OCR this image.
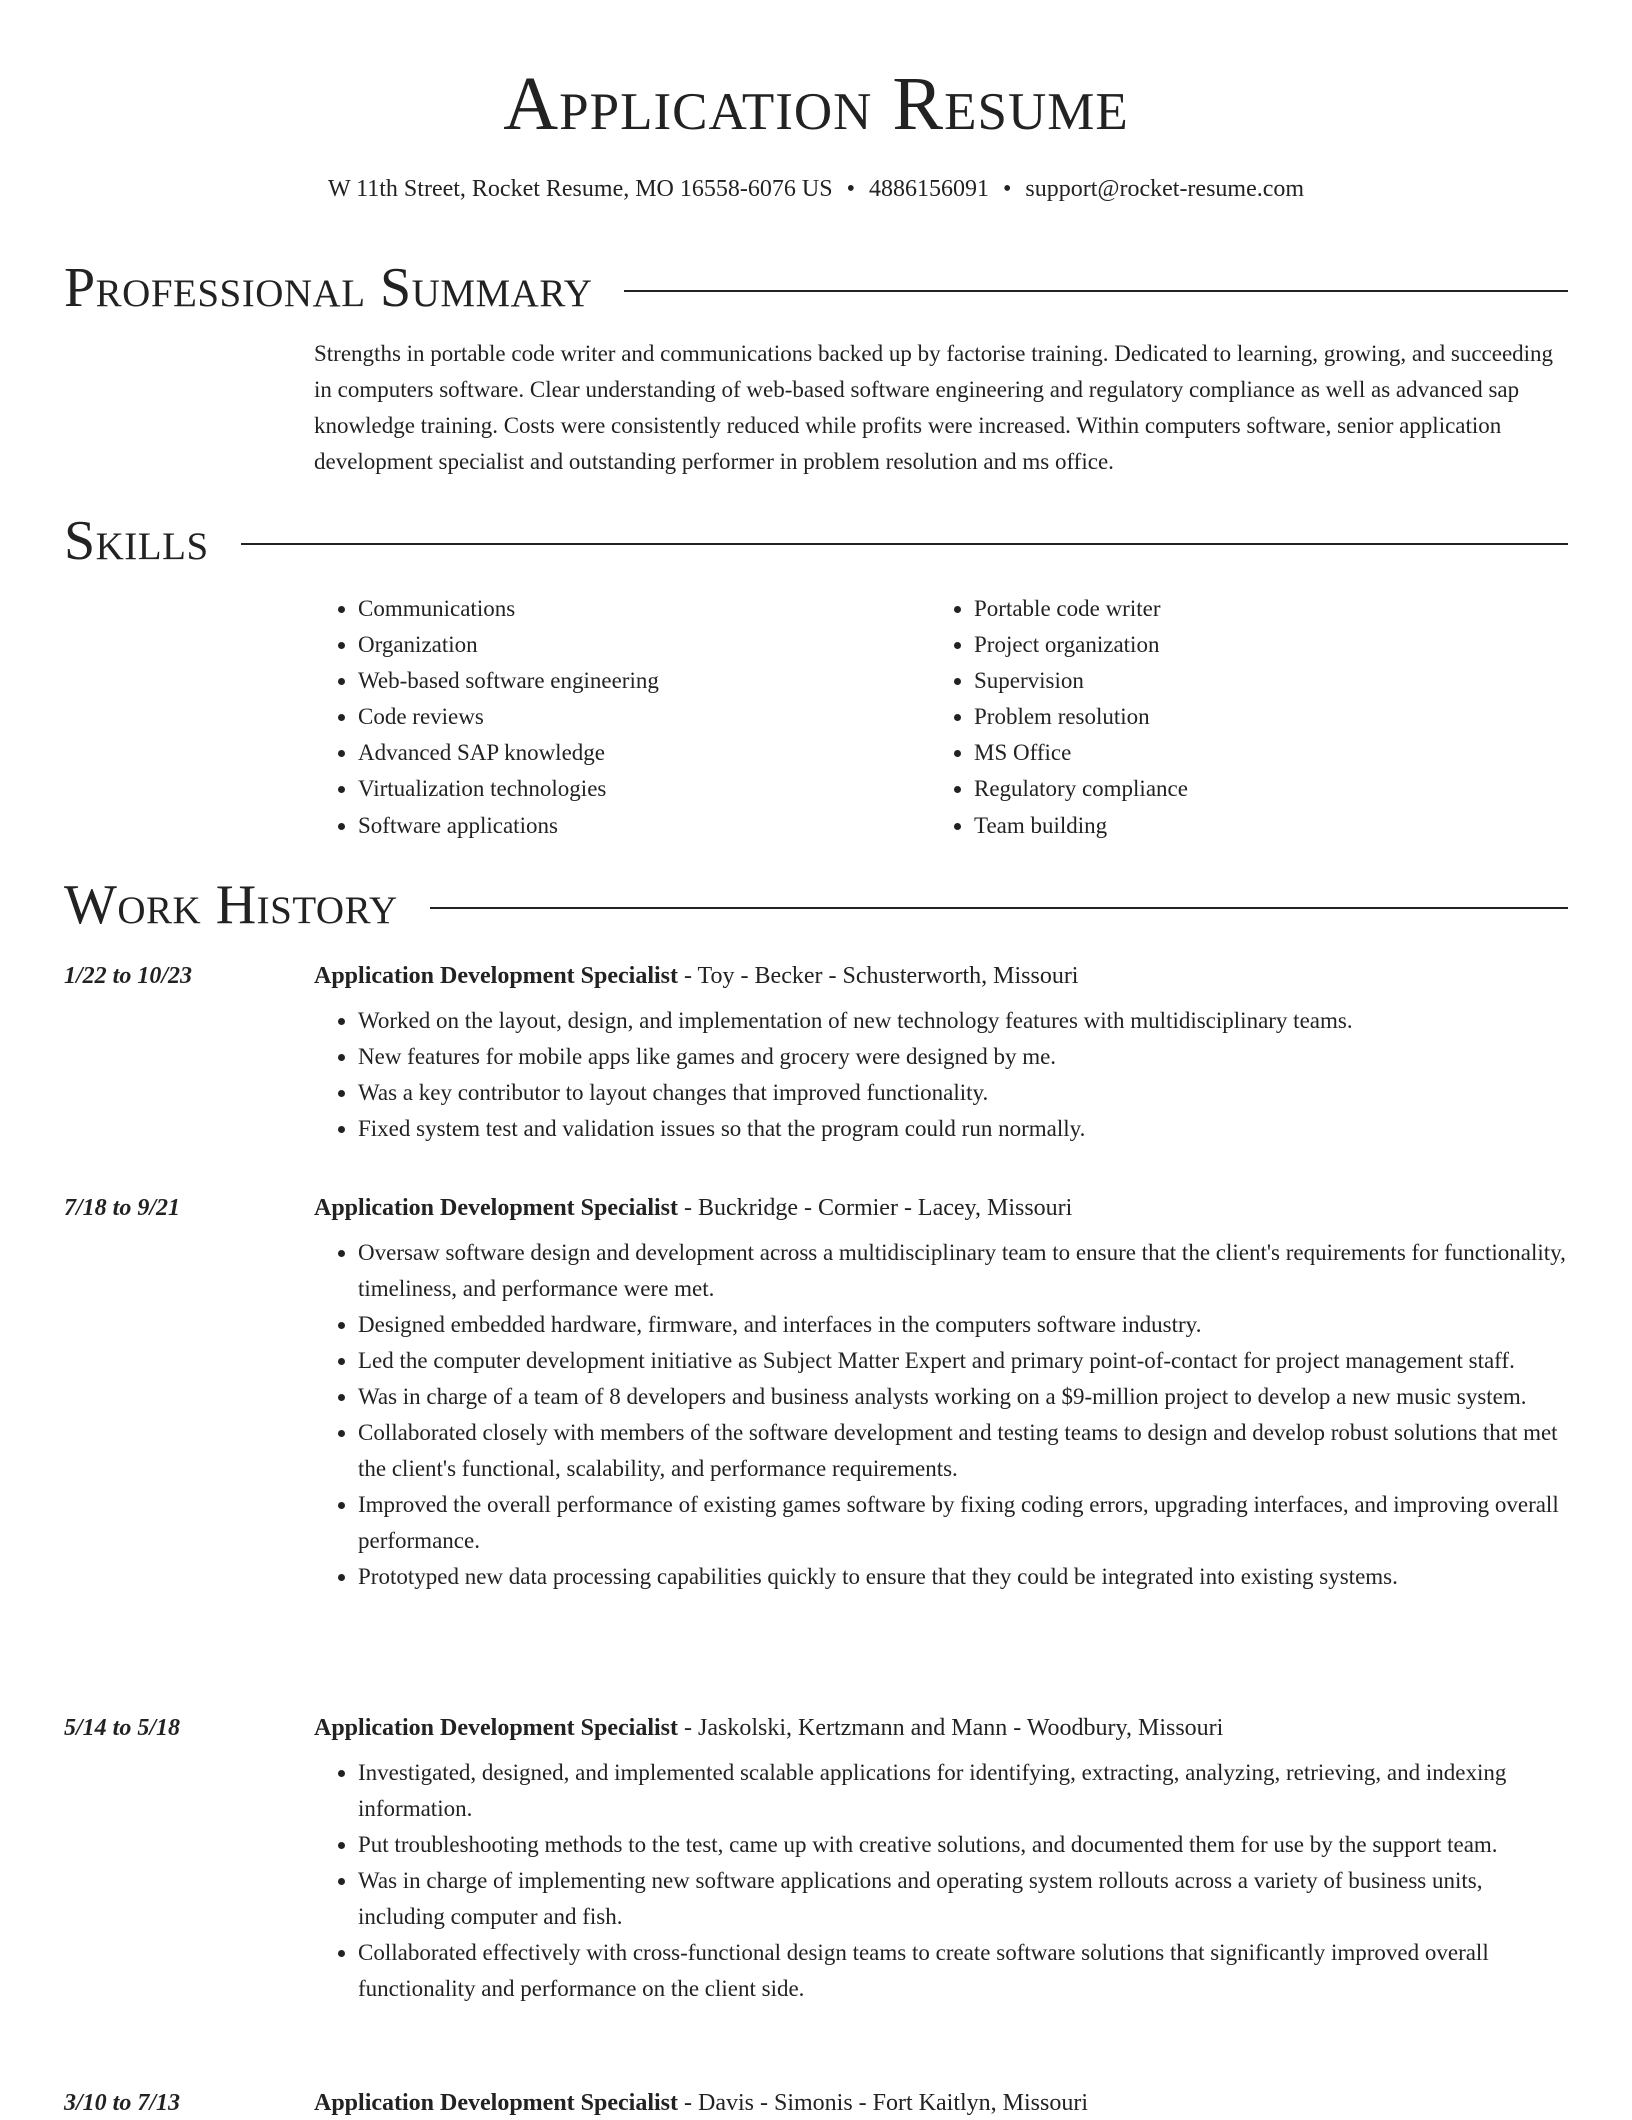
Application Resume
W 11th Street, Rocket Resume, MO 16558-6076 US • 4886156091 • support@rocket-resume.com
Professional Summary

Strengths in portable code writer and communications backed up by factorise training. Dedicated to learning, growing, and succeeding in computers software. Clear understanding of web-based software engineering and regulatory compliance as well as advanced sap knowledge training. Costs were consistently reduced while profits were increased. Within computers software, senior application development specialist and outstanding performer in problem resolution and ms office.

Skills
• Communications
• Organization
• Web-based software engineering
• Code reviews
• Advanced SAP knowledge
• Virtualization technologies
• Software applications
• Portable code writer
• Project organization
• Supervision
• Problem resolution
• MS Office
• Regulatory compliance
• Team building
Work History
1/22 to 10/23	Application Development Specialist - Toy - Becker - Schusterworth, Missouri
• Worked on the layout, design, and implementation of new technology features with multidisciplinary teams.
• New features for mobile apps like games and grocery were designed by me.
• Was a key contributor to layout changes that improved functionality.
• Fixed system test and validation issues so that the program could run normally.
7/18 to 9/21	Application Development Specialist - Buckridge - Cormier - Lacey, Missouri
• Oversaw software design and development across a multidisciplinary team to ensure that the client's requirements for functionality, timeliness, and performance were met.
• Designed embedded hardware, firmware, and interfaces in the computers software industry.
• Led the computer development initiative as Subject Matter Expert and primary point-of-contact for project management staff.
• Was in charge of a team of 8 developers and business analysts working on a $9-million project to develop a new music system.
• Collaborated closely with members of the software development and testing teams to design and develop robust solutions that met the client's functional, scalability, and performance requirements.
• Improved the overall performance of existing games software by fixing coding errors, upgrading interfaces, and improving overall performance.
• Prototyped new data processing capabilities quickly to ensure that they could be integrated into existing systems.
5/14 to 5/18	Application Development Specialist - Jaskolski, Kertzmann and Mann - Woodbury, Missouri
• Investigated, designed, and implemented scalable applications for identifying, extracting, analyzing, retrieving, and indexing information.
• Put troubleshooting methods to the test, came up with creative solutions, and documented them for use by the support team.
• Was in charge of implementing new software applications and operating system rollouts across a variety of business units, including computer and fish.
• Collaborated effectively with cross-functional design teams to create software solutions that significantly improved overall functionality and performance on the client side.
3/10 to 7/13	Application Development Specialist - Davis - Simonis - Fort Kaitlyn, Missouri
